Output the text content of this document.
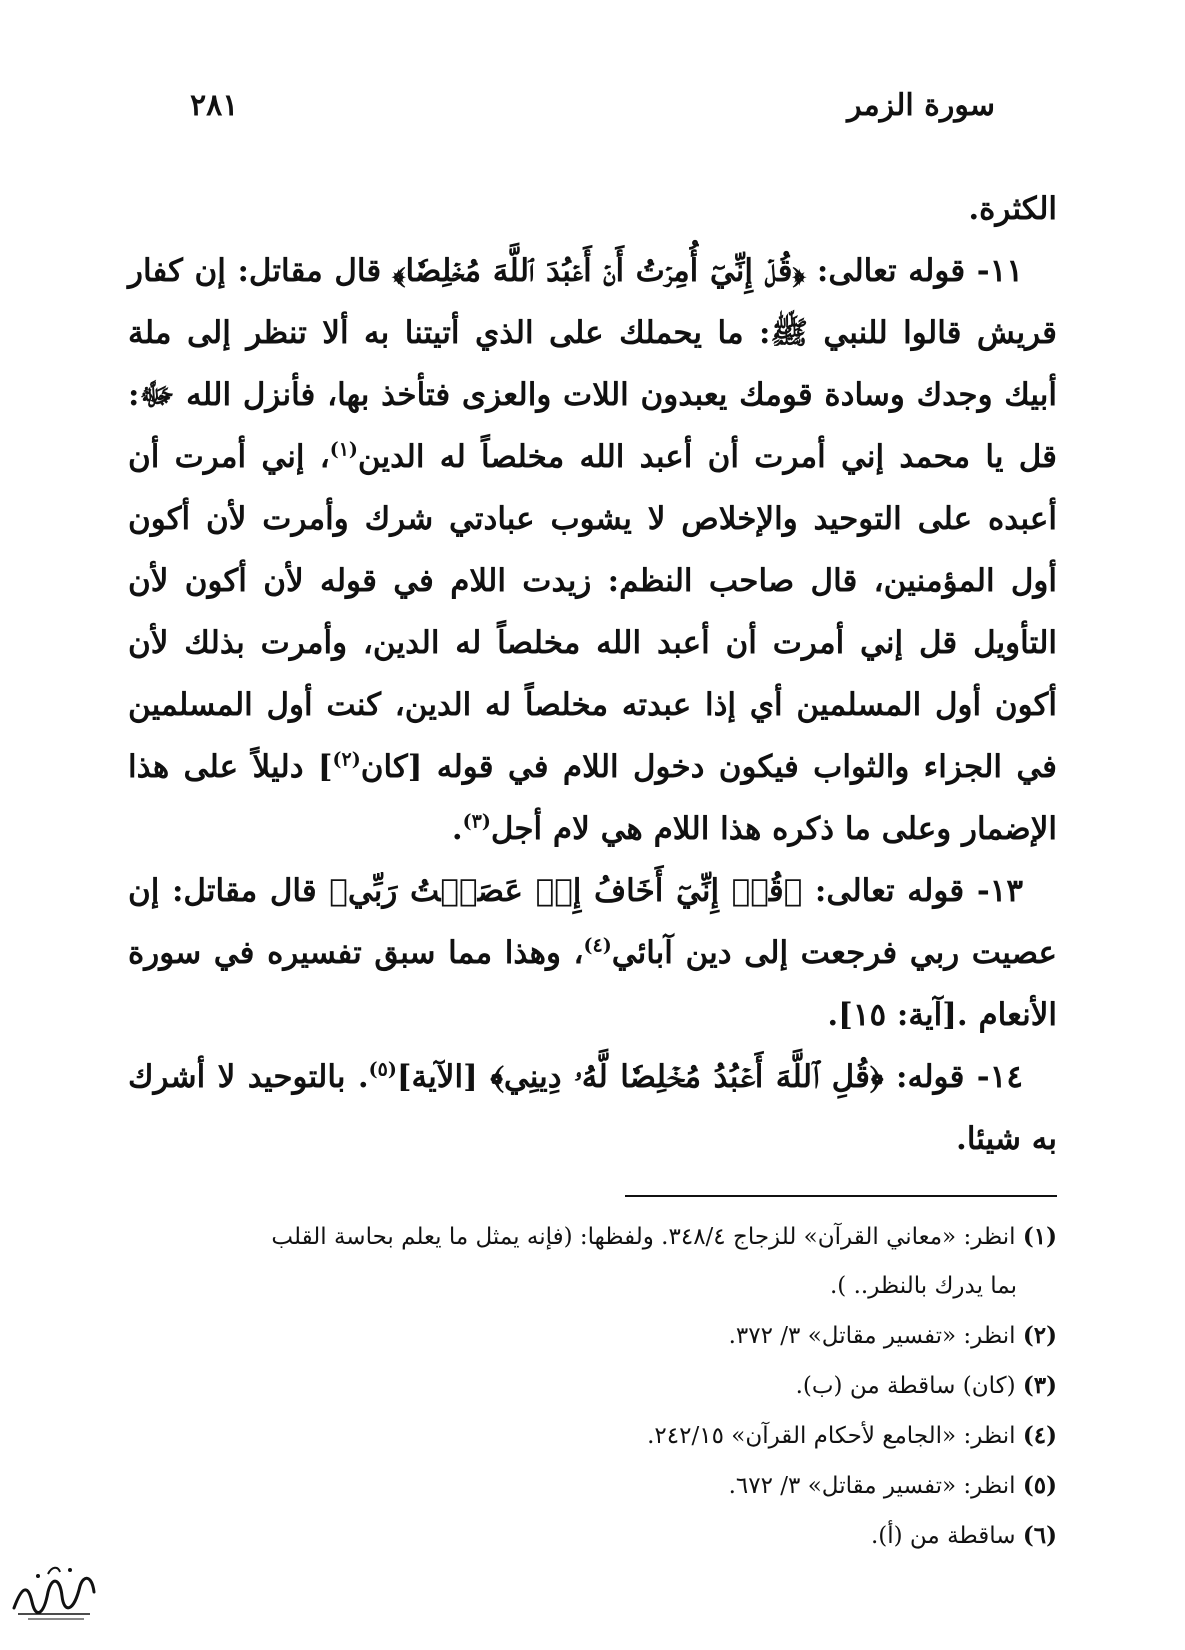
سورة الزمر
٢٨١

الكثرة.

١١- قوله تعالى: ﴿قُلۡ إِنِّيٓ أُمِرۡتُ أَنۡ أَعۡبُدَ ٱللَّهَ مُخۡلِصٗا﴾ قال مقاتل: إن كفار قريش قالوا للنبي ﷺ: ما يحملك على الذي أتيتنا به ألا تنظر إلى ملة أبيك وجدك وسادة قومك يعبدون اللات والعزى فتأخذ بها، فأنزل الله ﷻ: قل يا محمد إني أمرت أن أعبد الله مخلصاً له الدين$^{(١)}$، إني أمرت أن أعبده على التوحيد والإخلاص لا يشوب عبادتي شرك وأمرت لأن أكون أول المؤمنين، قال صاحب النظم: زيدت اللام في قوله لأن أكون لأن التأويل قل إني أمرت أن أعبد الله مخلصاً له الدين، وأمرت بذلك لأن أكون أول المسلمين أي إذا عبدته مخلصاً له الدين، كنت أول المسلمين في الجزاء والثواب فيكون دخول اللام في قوله [كان$^{(٢)}$] دليلاً على هذا الإضمار وعلى ما ذكره هذا اللام هي لام أجل$^{(٣)}$.

١٣- قوله تعالى: ﴿قُلۡ إِنِّيٓ أَخَافُ إِنۡ عَصَيۡتُ رَبِّي﴾ قال مقاتل: إن عصيت ربي فرجعت إلى دين آبائي$^{(٤)}$، وهذا مما سبق تفسيره في سورة الأنعام .[آية: ١٥].

١٤- قوله: ﴿قُلِ ٱللَّهَ أَعۡبُدُ مُخۡلِصٗا لَّهُۥ دِينِي﴾ [الآية]$^{(٥)}$. بالتوحيد لا أشرك به شيئا.

(١) انظر: «معاني القرآن» للزجاج ٣٤٨/٤. ولفظها: (فإنه يمثل ما يعلم بحاسة القلب

بما يدرك بالنظر.. ).

(٢) انظر: «تفسير مقاتل» ٣/ ٣٧٢.

(٣) (كان) ساقطة من (ب).

(٤) انظر: «الجامع لأحكام القرآن» ٢٤٢/١٥.

(٥) انظر: «تفسير مقاتل» ٣/ ٦٧٢.

(٦) ساقطة من (أ).
